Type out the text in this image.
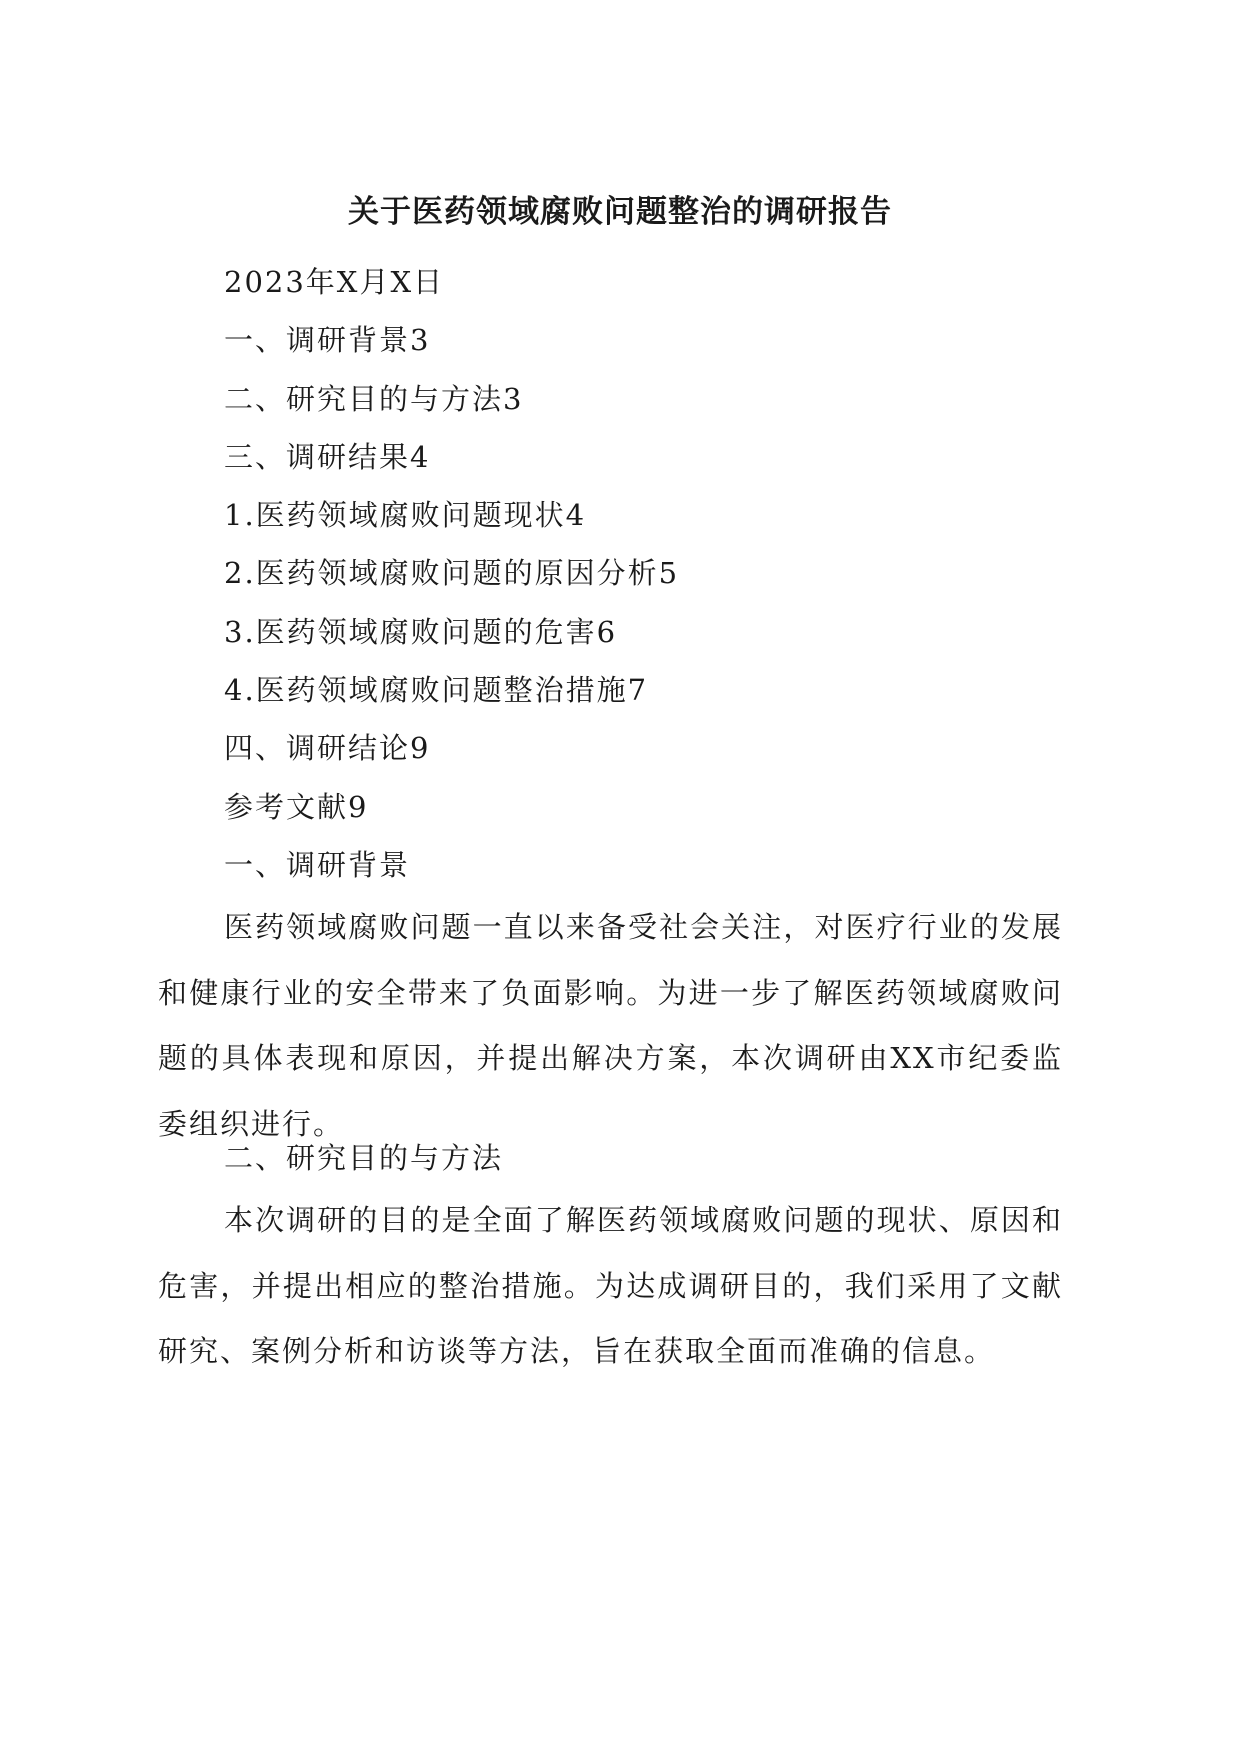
关于医药领域腐败问题整治的调研报告

2023年X月X日

一、调研背景3

二、研究目的与方法3

三、调研结果4

1.医药领域腐败问题现状4

2.医药领域腐败问题的原因分析5

3.医药领域腐败问题的危害6

4.医药领域腐败问题整治措施7

四、调研结论9

参考文献9

一、调研背景

医药领域腐败问题一直以来备受社会关注，对医疗行业的发展和健康行业的安全带来了负面影响。为进一步了解医药领域腐败问题的具体表现和原因，并提出解决方案，本次调研由XX市纪委监委组织进行。

二、研究目的与方法

本次调研的目的是全面了解医药领域腐败问题的现状、原因和危害，并提出相应的整治措施。为达成调研目的，我们采用了文献研究、案例分析和访谈等方法，旨在获取全面而准确的信息。
